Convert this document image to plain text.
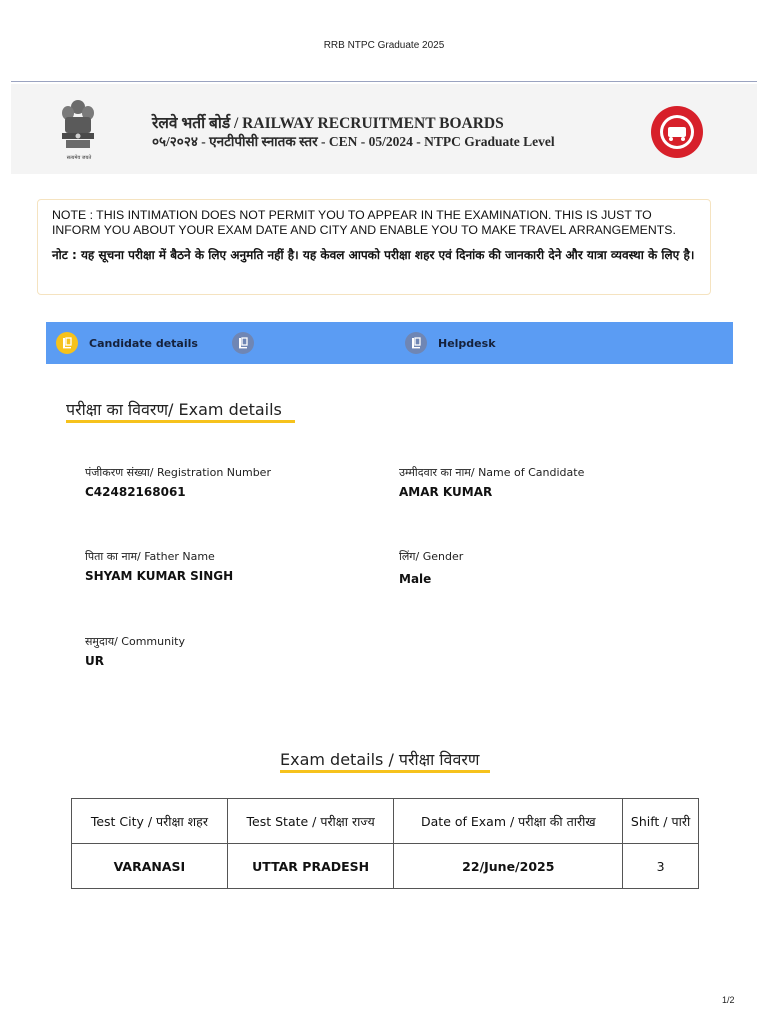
RRB NTPC Graduate 2025
सत्यमेव जयते
रेलवे भर्ती बोर्ड / RAILWAY RECRUITMENT BOARDS
०५/२०२४ - एनटीपीसी स्नातक स्तर - CEN - 05/2024 - NTPC Graduate Level
NOTE : THIS INTIMATION DOES NOT PERMIT YOU TO APPEAR IN THE EXAMINATION. THIS IS JUST TO INFORM YOU ABOUT YOUR EXAM DATE AND CITY AND ENABLE YOU TO MAKE TRAVEL ARRANGEMENTS.
नोट : यह सूचना परीक्षा में बैठने के लिए अनुमति नहीं है। यह केवल आपको परीक्षा शहर एवं दिनांक की जानकारी देने और यात्रा व्यवस्था के लिए है।
Candidate details	Helpdesk
परीक्षा का विवरण/ Exam details
पंजीकरण संख्या/ Registration Number
C42482168061
उम्मीदवार का नाम/ Name of Candidate
AMAR KUMAR
पिता का नाम/ Father Name
SHYAM KUMAR SINGH
लिंग/ Gender
Male
समुदाय/ Community
UR
Exam details / परीक्षा विवरण
Test City / परीक्षा शहर	Test State / परीक्षा राज्य	Date of Exam / परीक्षा की तारीख	Shift / पारी
VARANASI	UTTAR PRADESH	22/June/2025	3
1/2
